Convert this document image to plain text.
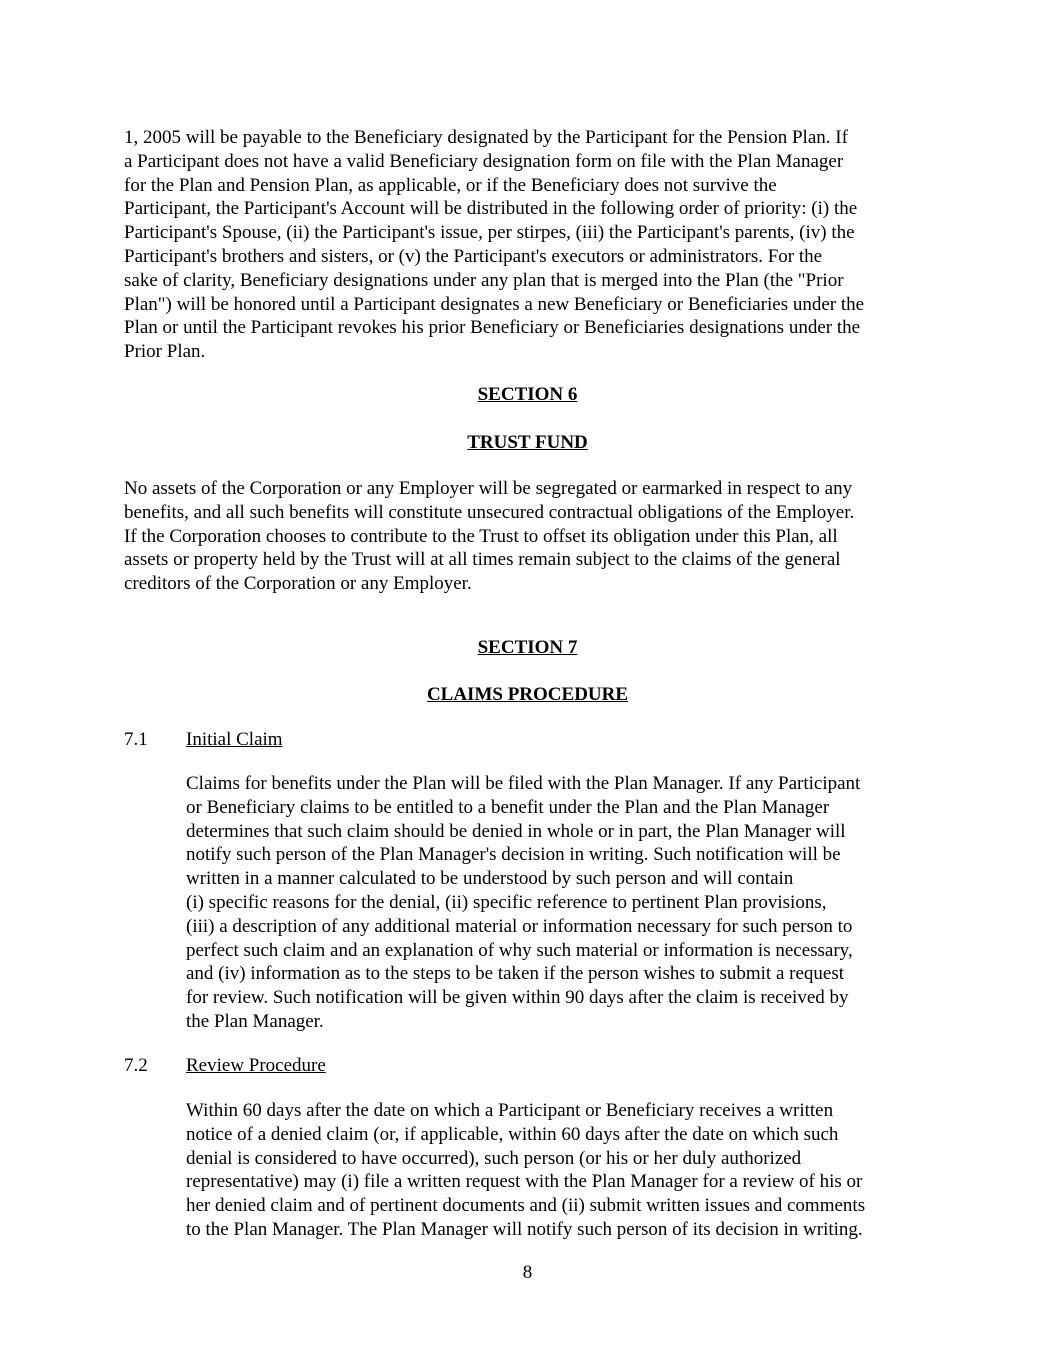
1, 2005 will be payable to the Beneficiary designated by the Participant for the Pension Plan. If
a Participant does not have a valid Beneficiary designation form on file with the Plan Manager
for the Plan and Pension Plan, as applicable, or if the Beneficiary does not survive the
Participant, the Participant's Account will be distributed in the following order of priority: (i) the
Participant's Spouse, (ii) the Participant's issue, per stirpes, (iii) the Participant's parents, (iv) the
Participant's brothers and sisters, or (v) the Participant's executors or administrators. For the
sake of clarity, Beneficiary designations under any plan that is merged into the Plan (the "Prior
Plan") will be honored until a Participant designates a new Beneficiary or Beneficiaries under the
Plan or until the Participant revokes his prior Beneficiary or Beneficiaries designations under the
Prior Plan.

SECTION 6

TRUST FUND

No assets of the Corporation or any Employer will be segregated or earmarked in respect to any
benefits, and all such benefits will constitute unsecured contractual obligations of the Employer.
If the Corporation chooses to contribute to the Trust to offset its obligation under this Plan, all
assets or property held by the Trust will at all times remain subject to the claims of the general
creditors of the Corporation or any Employer.

SECTION 7

CLAIMS PROCEDURE

7.1 Initial Claim

Claims for benefits under the Plan will be filed with the Plan Manager. If any Participant
or Beneficiary claims to be entitled to a benefit under the Plan and the Plan Manager
determines that such claim should be denied in whole or in part, the Plan Manager will
notify such person of the Plan Manager's decision in writing. Such notification will be
written in a manner calculated to be understood by such person and will contain
(i) specific reasons for the denial, (ii) specific reference to pertinent Plan provisions,
(iii) a description of any additional material or information necessary for such person to
perfect such claim and an explanation of why such material or information is necessary,
and (iv) information as to the steps to be taken if the person wishes to submit a request
for review. Such notification will be given within 90 days after the claim is received by
the Plan Manager.

7.2 Review Procedure

Within 60 days after the date on which a Participant or Beneficiary receives a written
notice of a denied claim (or, if applicable, within 60 days after the date on which such
denial is considered to have occurred), such person (or his or her duly authorized
representative) may (i) file a written request with the Plan Manager for a review of his or
her denied claim and of pertinent documents and (ii) submit written issues and comments
to the Plan Manager. The Plan Manager will notify such person of its decision in writing.

8
